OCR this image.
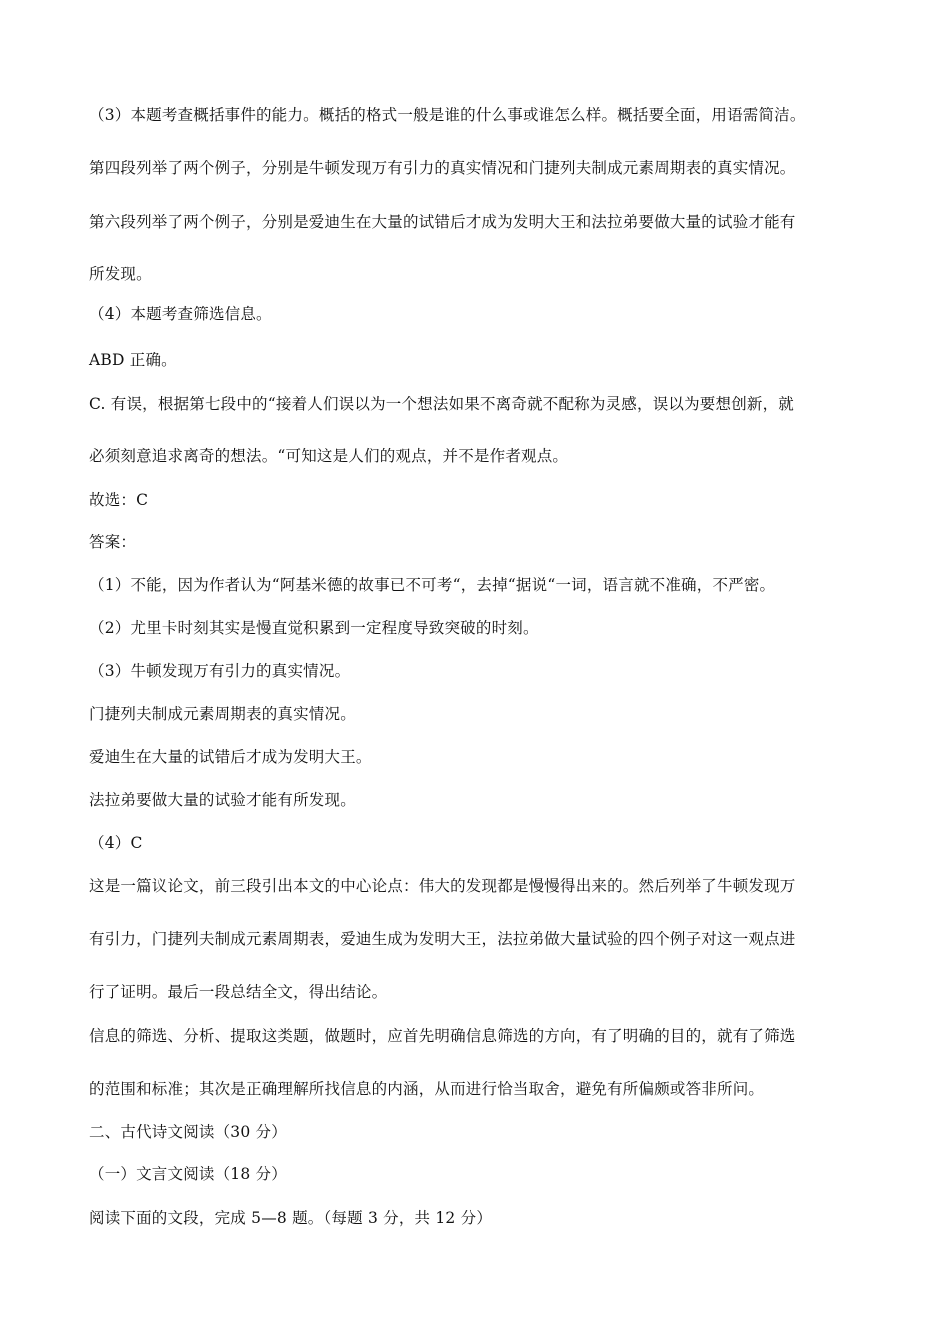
（3）本题考查概括事件的能力。概括的格式一般是谁的什么事或谁怎么样。概括要全面，用语需简洁。
第四段列举了两个例子，分别是牛顿发现万有引力的真实情况和门捷列夫制成元素周期表的真实情况。
第六段列举了两个例子，分别是爱迪生在大量的试错后才成为发明大王和法拉弟要做大量的试验才能有
所发现。
（4）本题考查筛选信息。
ABD 正确。
C. 有误，根据第七段中的“接着人们误以为一个想法如果不离奇就不配称为灵感，误以为要想创新，就
必须刻意追求离奇的想法。“可知这是人们的观点，并不是作者观点。
故选：C
答案：
（1）不能，因为作者认为“阿基米德的故事已不可考“，去掉“据说“一词，语言就不准确，不严密。
（2）尤里卡时刻其实是慢直觉积累到一定程度导致突破的时刻。
（3）牛顿发现万有引力的真实情况。
门捷列夫制成元素周期表的真实情况。
爱迪生在大量的试错后才成为发明大王。
法拉弟要做大量的试验才能有所发现。
（4）C
这是一篇议论文，前三段引出本文的中心论点：伟大的发现都是慢慢得出来的。然后列举了牛顿发现万
有引力，门捷列夫制成元素周期表，爱迪生成为发明大王，法拉弟做大量试验的四个例子对这一观点进
行了证明。最后一段总结全文，得出结论。
信息的筛选、分析、提取这类题，做题时，应首先明确信息筛选的方向，有了明确的目的，就有了筛选
的范围和标准；其次是正确理解所找信息的内涵，从而进行恰当取舍，避免有所偏颇或答非所问。
二、古代诗文阅读（30 分）
（一）文言文阅读（18 分）
阅读下面的文段，完成 5—8 题。（每题 3 分，共 12 分）
